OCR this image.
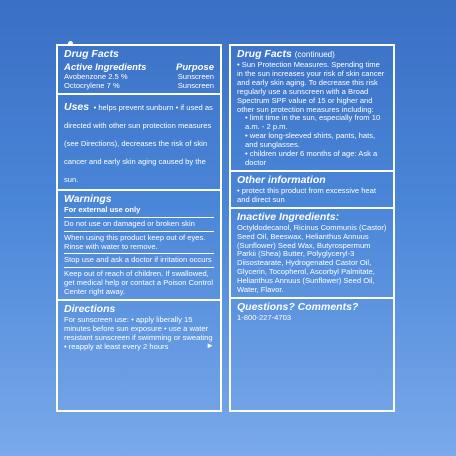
Drug Facts
Active Ingredients	Purpose
Avobenzone 2.5 %	Sunscreen
Octocrylene 7 %	Sunscreen
Uses • helps prevent sunburn • if used as directed with other sun protection measures (see Directions), decreases the risk of skin cancer and early skin aging caused by the sun.
Warnings
For external use only
Do not use on damaged or broken skin
When using this product keep out of eyes. Rinse with water to remove.
Stop use and ask a doctor if irritation occurs
Keep out of reach of children. If swallowed, get medical help or contact a Poison Control Center right away.
Directions
For sunscreen use: • apply liberally 15 minutes before sun exposure • use a water resistant sunscreen if swimming or sweating • reapply at least every 2 hours	►
Drug Facts (continued)
• Sun Protection Measures. Spending time in the sun increases your risk of skin cancer and early skin aging. To decrease this risk regularly use a sunscreen with a Broad Spectrum SPF value of 15 or higher and other sun protection measures including:
• limit time in the sun, especially from 10 a.m. - 2 p.m.
• wear long-sleeved shirts, pants, hats, and sunglasses.
• children under 6 months of age: Ask a doctor
Other information
• protect this product from excessive heat and direct sun
Inactive Ingredients:
Octyldodecanol, Ricinus Communis (Castor) Seed Oil, Beeswax, Helianthus Annuus (Sunflower) Seed Wax, Butyrospermum Parkii (Shea) Butter, Polyglyceryl-3 Diisostearate, Hydrogenated Castor Oil, Glycerin, Tocopherol, Ascorbyl Palmitate, Helianthus Annuus (Sunflower) Seed Oil, Water, Flavor.
Questions? Comments?
1-800-227-4703
